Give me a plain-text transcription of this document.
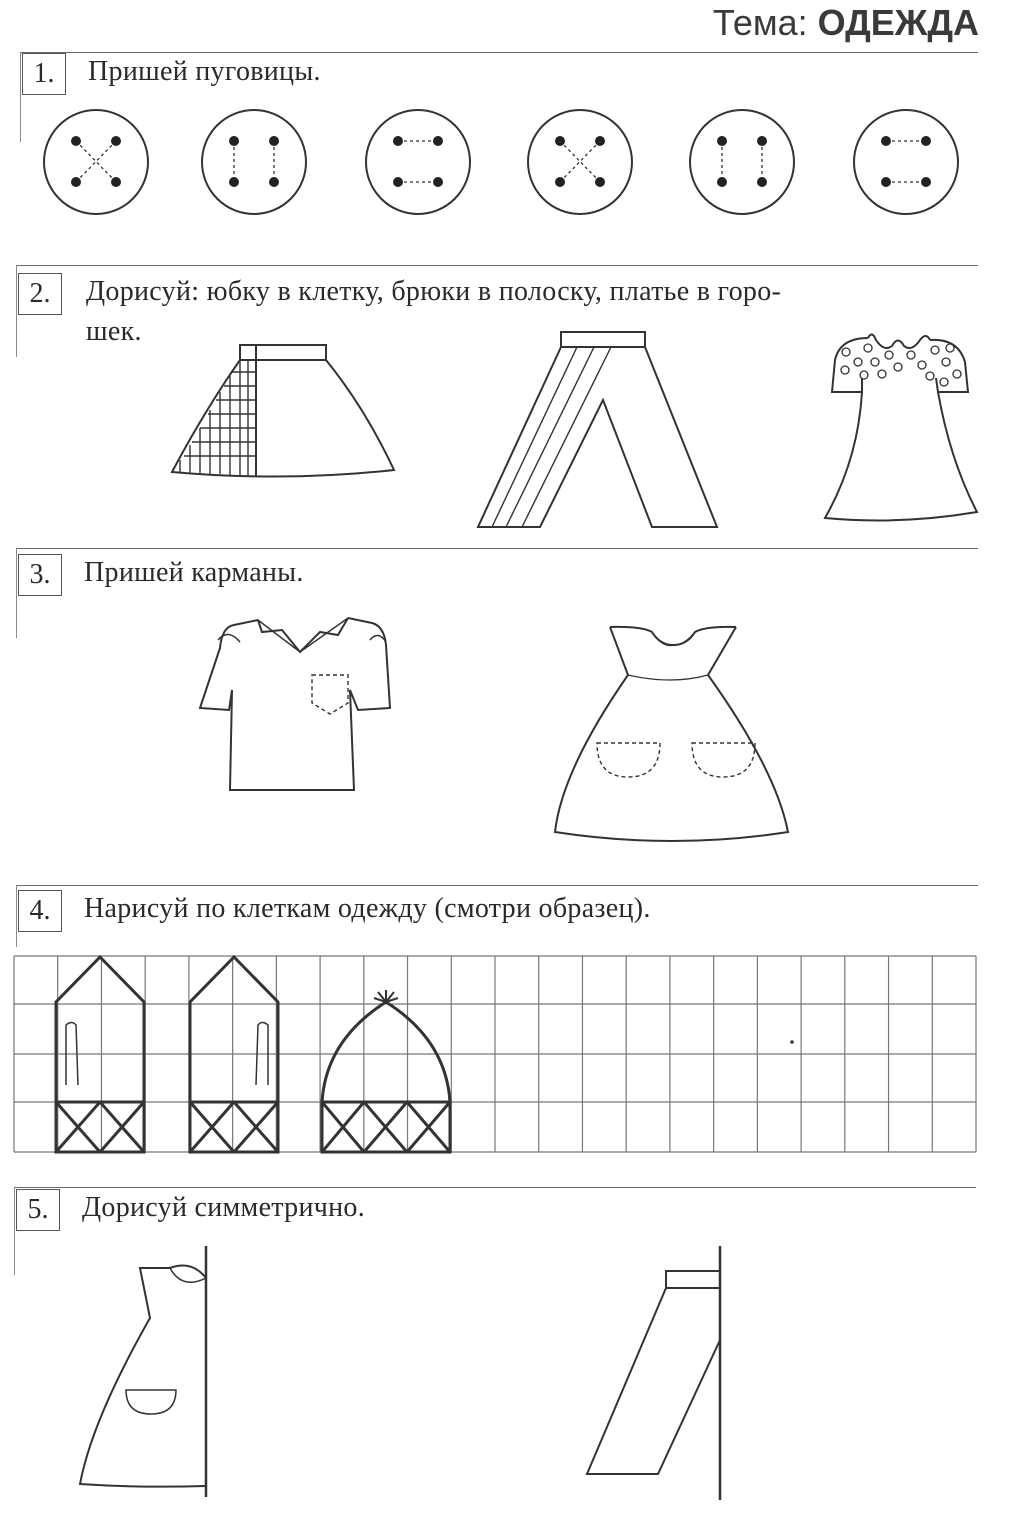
Тема: ОДЕЖДА
1.	Пришей пуговицы.
2.	Дорисуй: юбку в клетку, брюки в полоску, платье в горо-
шек.
3.	Пришей карманы.
4.	Нарисуй по клеткам одежду (смотри образец).
5.	Дорисуй симметрично.
